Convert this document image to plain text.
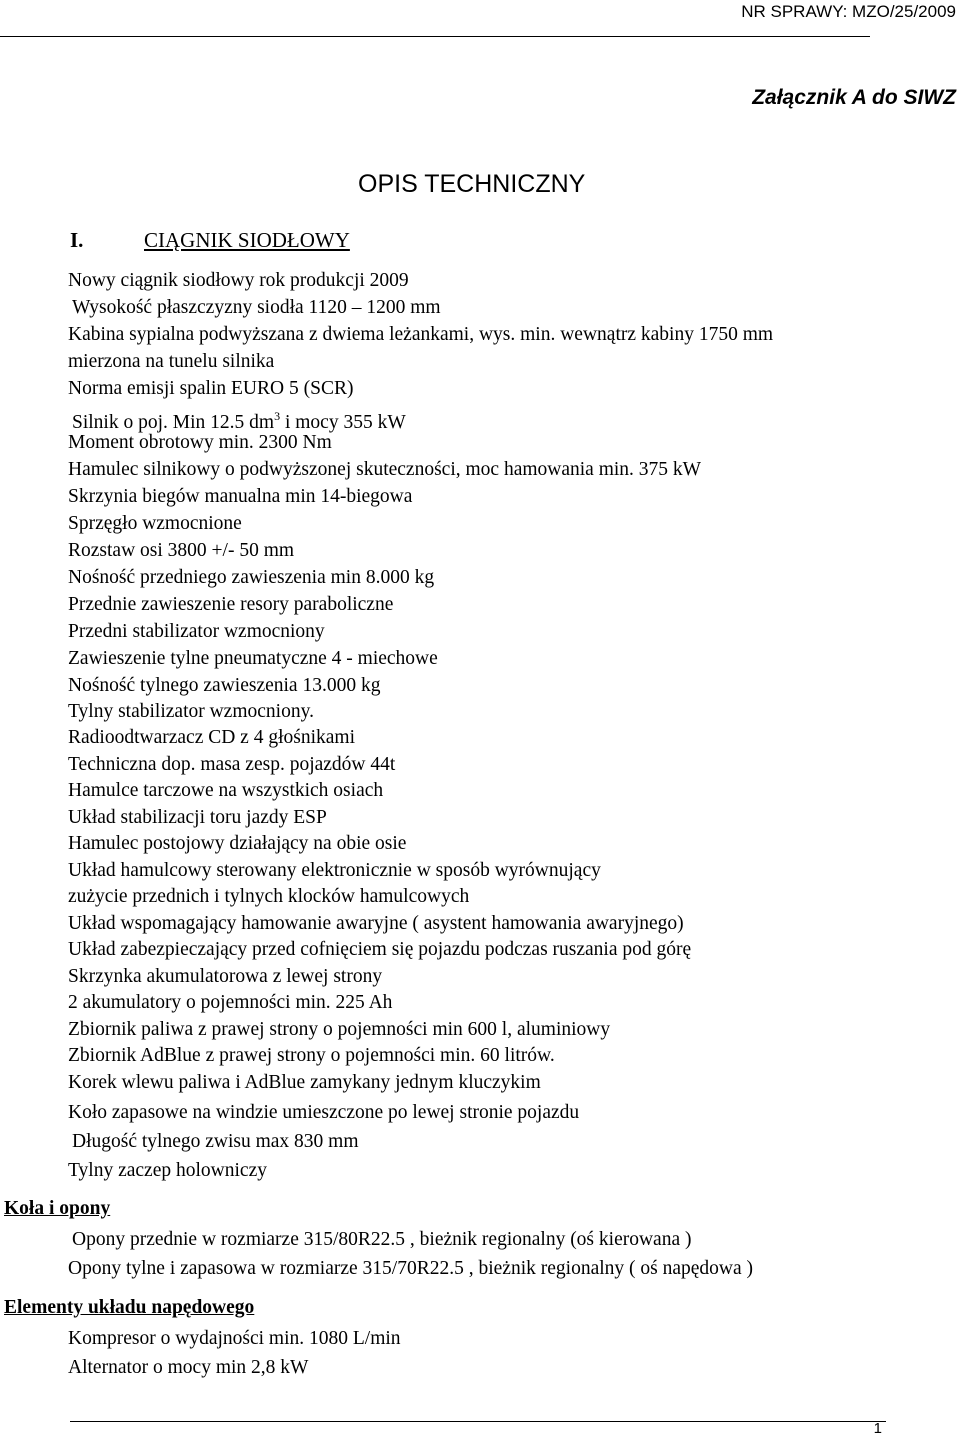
NR SPRAWY: MZO/25/2009
Załącznik A do SIWZ
OPIS TECHNICZNY
I.	CIĄGNIK SIODŁOWY
Nowy ciągnik siodłowy rok produkcji 2009
Wysokość płaszczyzny siodła 1120 – 1200 mm
Kabina sypialna podwyższana z dwiema leżankami, wys. min. wewnątrz kabiny 1750 mm
mierzona na tunelu silnika
Norma emisji spalin EURO 5 (SCR)
Silnik o poj. Min 12.5 $dm^3$ i mocy 355 kW
Moment obrotowy min. 2300 Nm
Hamulec silnikowy o podwyższonej skuteczności, moc hamowania min. 375 kW
Skrzynia biegów manualna min 14-biegowa
Sprzęgło wzmocnione
Rozstaw osi 3800 +/- 50 mm
Nośność przedniego zawieszenia min 8.000 kg
Przednie zawieszenie resory paraboliczne
Przedni stabilizator wzmocniony
Zawieszenie tylne pneumatyczne 4 - miechowe
Nośność tylnego zawieszenia 13.000 kg
Tylny stabilizator wzmocniony.
Radioodtwarzacz CD z 4 głośnikami
Techniczna dop. masa zesp. pojazdów 44t
Hamulce tarczowe na wszystkich osiach
Układ stabilizacji toru jazdy ESP
Hamulec postojowy działający na obie osie
Układ hamulcowy sterowany elektronicznie w sposób wyrównujący
zużycie przednich i tylnych klocków hamulcowych
Układ wspomagający hamowanie awaryjne ( asystent hamowania awaryjnego)
Układ zabezpieczający przed cofnięciem się pojazdu podczas ruszania pod górę
Skrzynka akumulatorowa z lewej strony
2 akumulatory o pojemności min. 225 Ah
Zbiornik paliwa z prawej strony o pojemności min 600 l, aluminiowy
Zbiornik AdBlue z prawej strony o pojemności min. 60 litrów.
Korek wlewu paliwa i AdBlue zamykany jednym kluczykim
Koło zapasowe na windzie umieszczone po lewej stronie pojazdu
Długość tylnego zwisu max 830 mm
Tylny zaczep holowniczy
Koła i opony
Opony przednie w rozmiarze 315/80R22.5 , bieżnik regionalny (oś kierowana )
Opony tylne i zapasowa w rozmiarze 315/70R22.5 , bieżnik regionalny ( oś napędowa )
Elementy układu napędowego
Kompresor o wydajności min. 1080 L/min
Alternator o mocy min 2,8 kW
1
